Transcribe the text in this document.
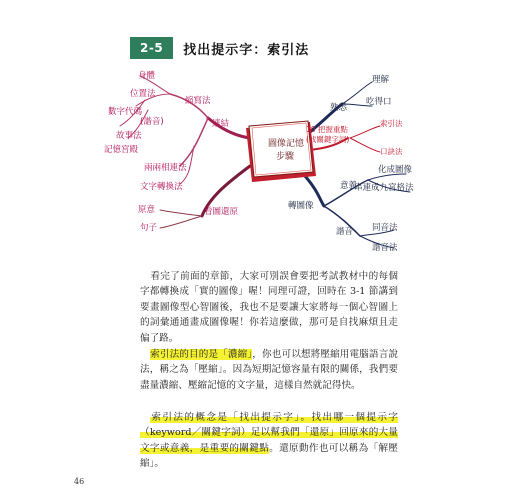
2-5	找出提示字：索引法
圖像記憶
步驟
連結
縮寫法
身體
位置法
數字代碼
(諧音)
故事法
記憶宮殿
兩兩相連法
文字轉換法
看圖還原
原意
句子
熟悉
理解
吃得口
10 把握重點
(找關鍵字詞)
索引法
口訣法
轉圖像
意義
化成圖像
串連成九宮格法
諧音 同音法
諧音法
看完了前面的章節，大家可別誤會要把考試教材中的每個字都轉換成「實的圖像」喔！同理可證，回時在 3-1 節講到要畫圖像型心智圖後，我也不是要讓大家將每一個心智圖上的詞彙通通畫成圖像喔！你若這麼做，那可是自找麻煩且走偏了路。
索引法的目的是「濃縮」，你也可以想將壓縮用電腦語言說法，稱之為「壓縮」。因為短期記憶容量有限的關係，我們要盡量濃縮、壓縮記憶的文字量，這樣自然就記得快。
索引法的概念是「找出提示字」。找出哪一個提示字（keyword／關鍵字詞）足以幫我們「還原」回原來的大量文字或意義，是重要的關鍵點。還原動作也可以稱為「解壓縮」。
46
